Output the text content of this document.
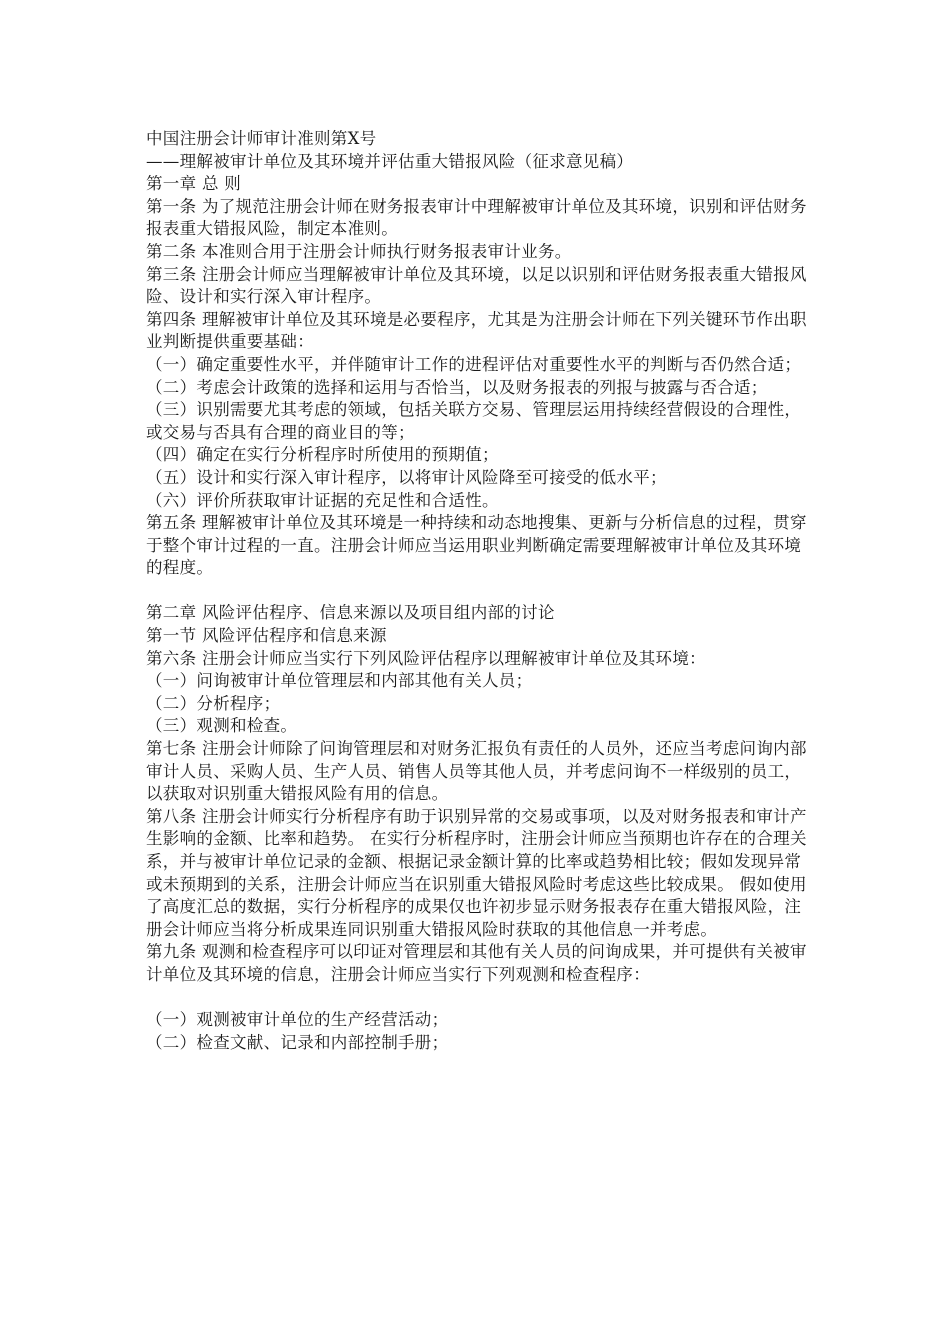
中国注册会计师审计准则第X号
——理解被审计单位及其环境并评估重大错报风险（征求意见稿）
第一章 总 则
第一条 为了规范注册会计师在财务报表审计中理解被审计单位及其环境，识别和评估财务报表重大错报风险，制定本准则。
第二条 本准则合用于注册会计师执行财务报表审计业务。
第三条 注册会计师应当理解被审计单位及其环境，以足以识别和评估财务报表重大错报风险、设计和实行深入审计程序。
第四条 理解被审计单位及其环境是必要程序，尤其是为注册会计师在下列关键环节作出职业判断提供重要基础：
（一）确定重要性水平，并伴随审计工作的进程评估对重要性水平的判断与否仍然合适；
（二）考虑会计政策的选择和运用与否恰当，以及财务报表的列报与披露与否合适；
（三）识别需要尤其考虑的领域，包括关联方交易、管理层运用持续经营假设的合理性，或交易与否具有合理的商业目的等；
（四）确定在实行分析程序时所使用的预期值；
（五）设计和实行深入审计程序，以将审计风险降至可接受的低水平；
（六）评价所获取审计证据的充足性和合适性。
第五条 理解被审计单位及其环境是一种持续和动态地搜集、更新与分析信息的过程，贯穿于整个审计过程的一直。注册会计师应当运用职业判断确定需要理解被审计单位及其环境的程度。
第二章 风险评估程序、信息来源以及项目组内部的讨论
第一节 风险评估程序和信息来源
第六条 注册会计师应当实行下列风险评估程序以理解被审计单位及其环境：
（一）问询被审计单位管理层和内部其他有关人员；
（二）分析程序；
（三）观测和检查。
第七条 注册会计师除了问询管理层和对财务汇报负有责任的人员外，还应当考虑问询内部审计人员、采购人员、生产人员、销售人员等其他人员，并考虑问询不一样级别的员工，以获取对识别重大错报风险有用的信息。
第八条 注册会计师实行分析程序有助于识别异常的交易或事项，以及对财务报表和审计产生影响的金额、比率和趋势。 在实行分析程序时，注册会计师应当预期也许存在的合理关系，并与被审计单位记录的金额、根据记录金额计算的比率或趋势相比较；假如发现异常或未预期到的关系，注册会计师应当在识别重大错报风险时考虑这些比较成果。 假如使用了高度汇总的数据，实行分析程序的成果仅也许初步显示财务报表存在重大错报风险，注册会计师应当将分析成果连同识别重大错报风险时获取的其他信息一并考虑。
第九条 观测和检查程序可以印证对管理层和其他有关人员的问询成果，并可提供有关被审计单位及其环境的信息，注册会计师应当实行下列观测和检查程序：
（一）观测被审计单位的生产经营活动；
（二）检查文献、记录和内部控制手册；
